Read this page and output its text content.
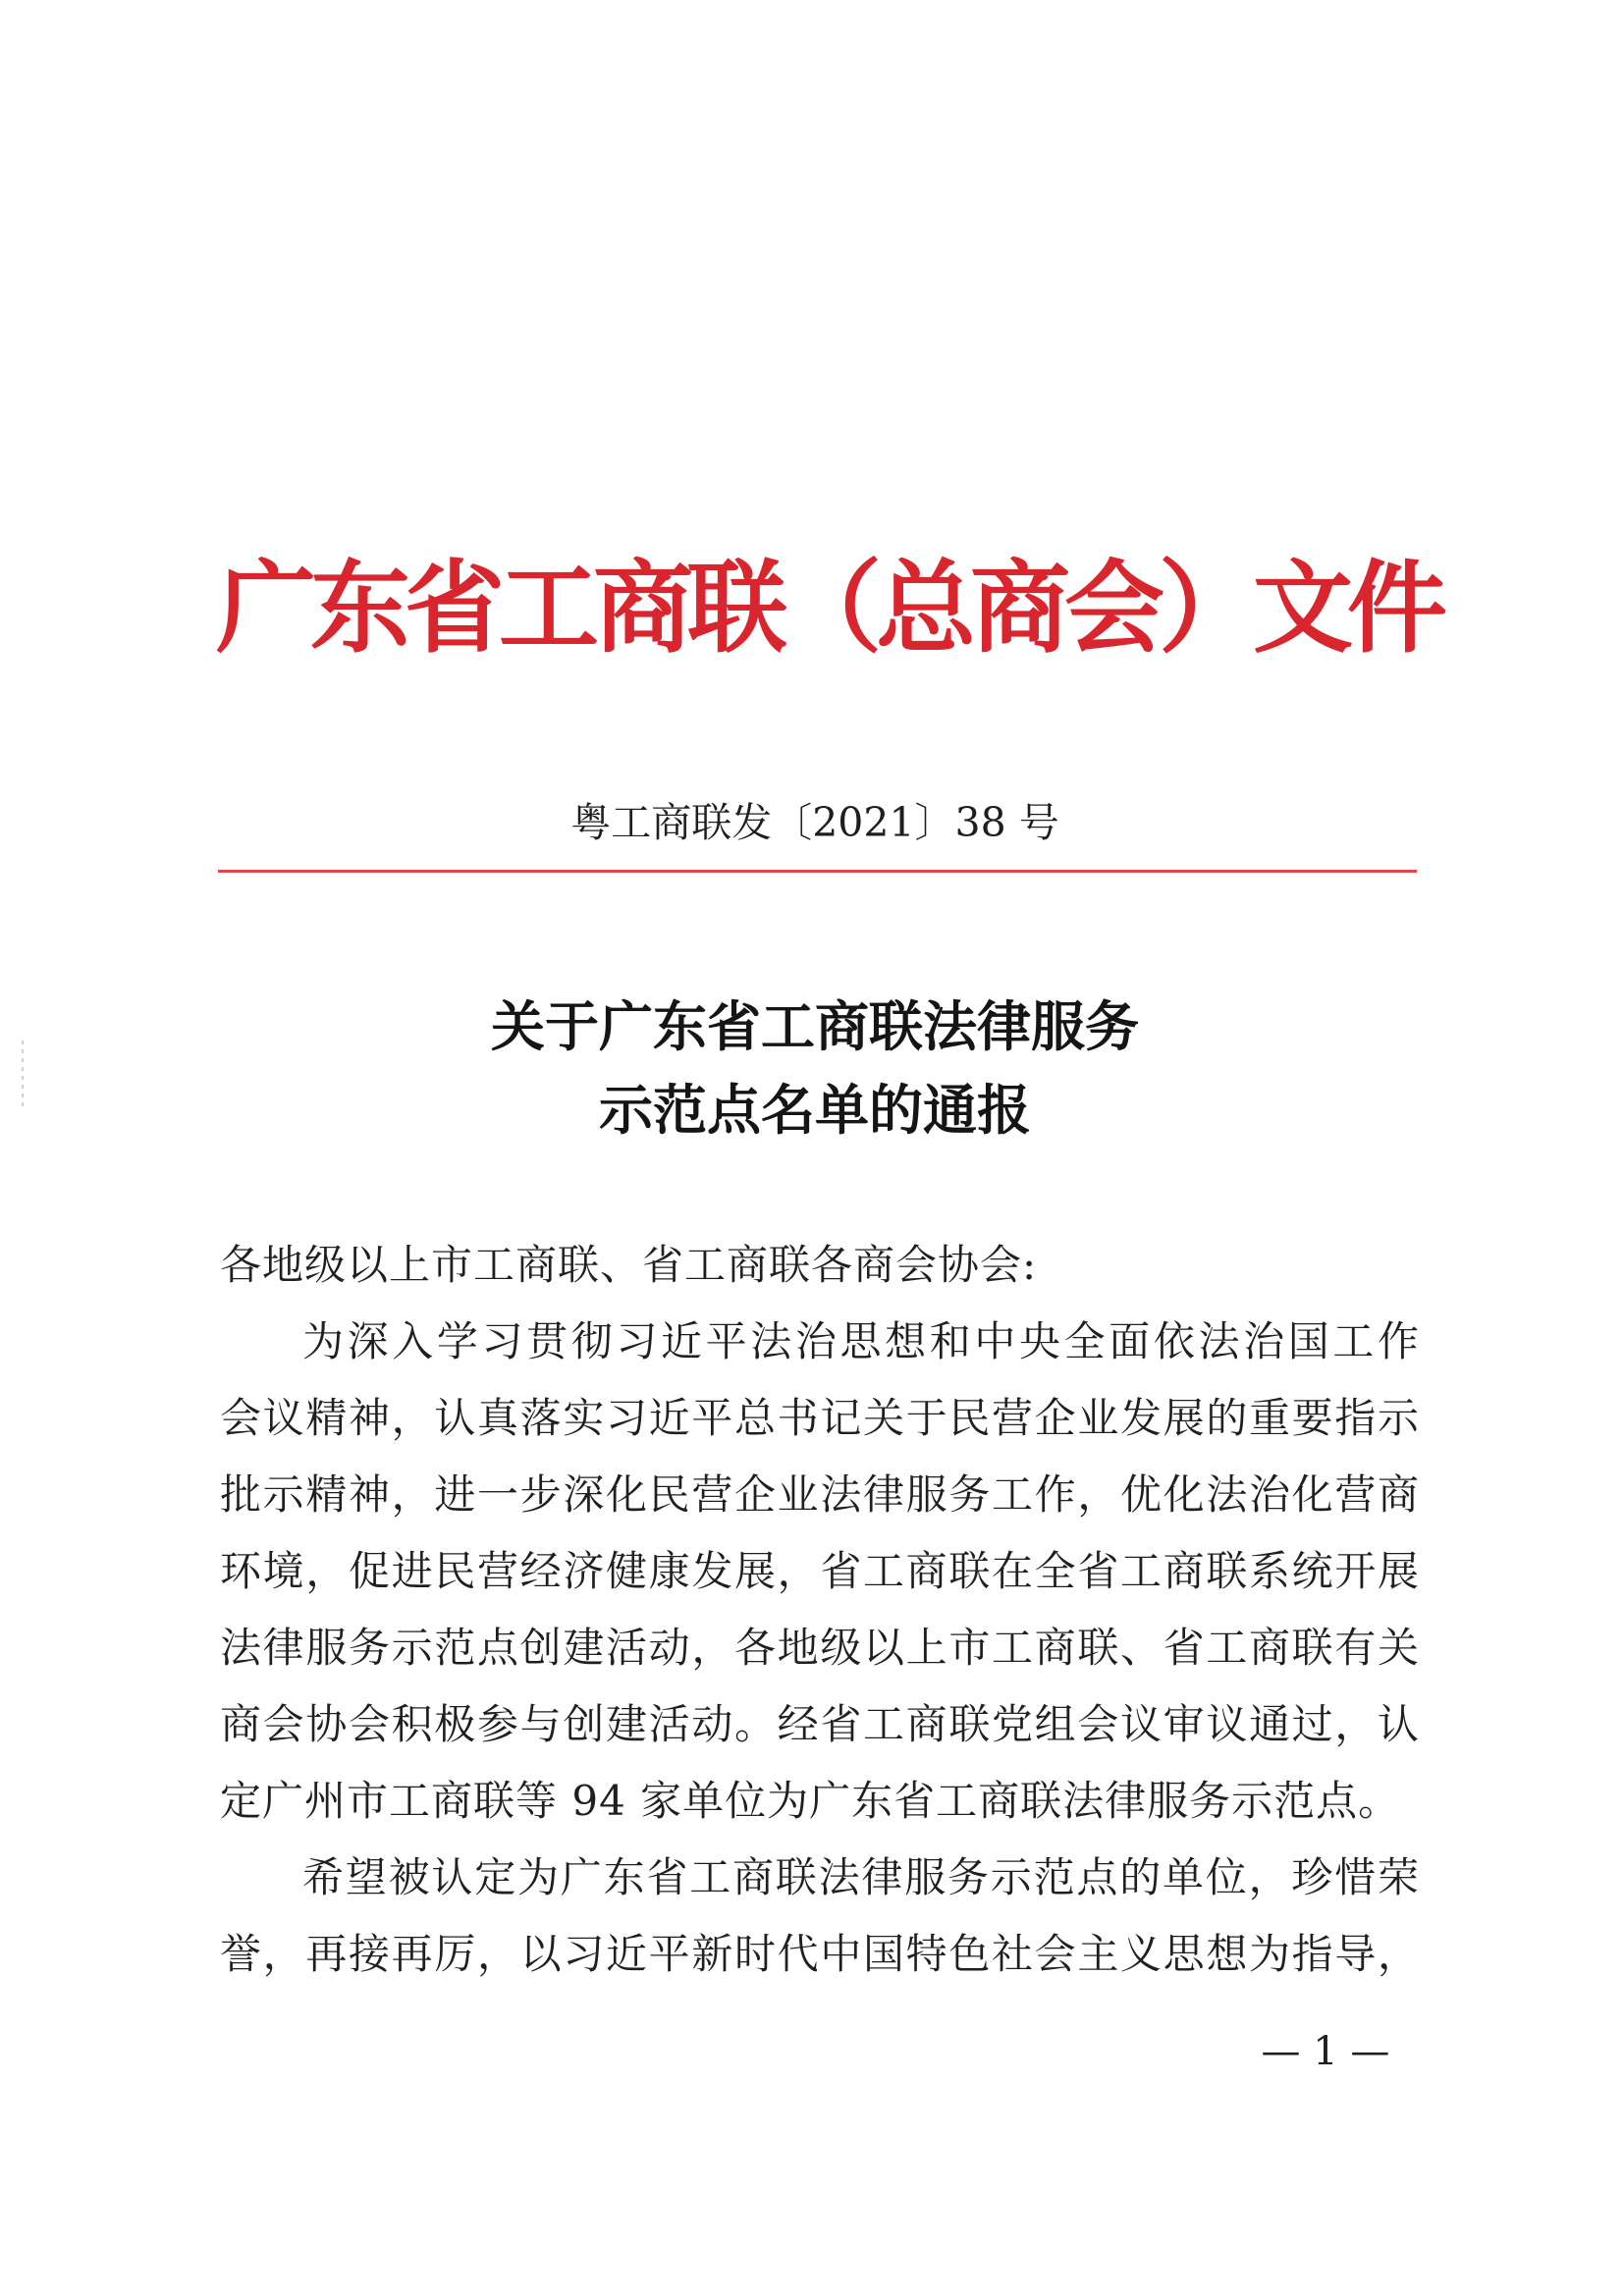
广东省工商联（总商会）文件
粤工商联发〔2021〕38 号
关于广东省工商联法律服务
示范点名单的通报
各地级以上市工商联、省工商联各商会协会:
为深入学习贯彻习近平法治思想和中央全面依法治国工作
会议精神，认真落实习近平总书记关于民营企业发展的重要指示
批示精神，进一步深化民营企业法律服务工作，优化法治化营商
环境，促进民营经济健康发展，省工商联在全省工商联系统开展
法律服务示范点创建活动，各地级以上市工商联、省工商联有关
商会协会积极参与创建活动。经省工商联党组会议审议通过，认
定广州市工商联等 94 家单位为广东省工商联法律服务示范点。
希望被认定为广东省工商联法律服务示范点的单位，珍惜荣
誉，再接再厉，以习近平新时代中国特色社会主义思想为指导，
— 1 —
